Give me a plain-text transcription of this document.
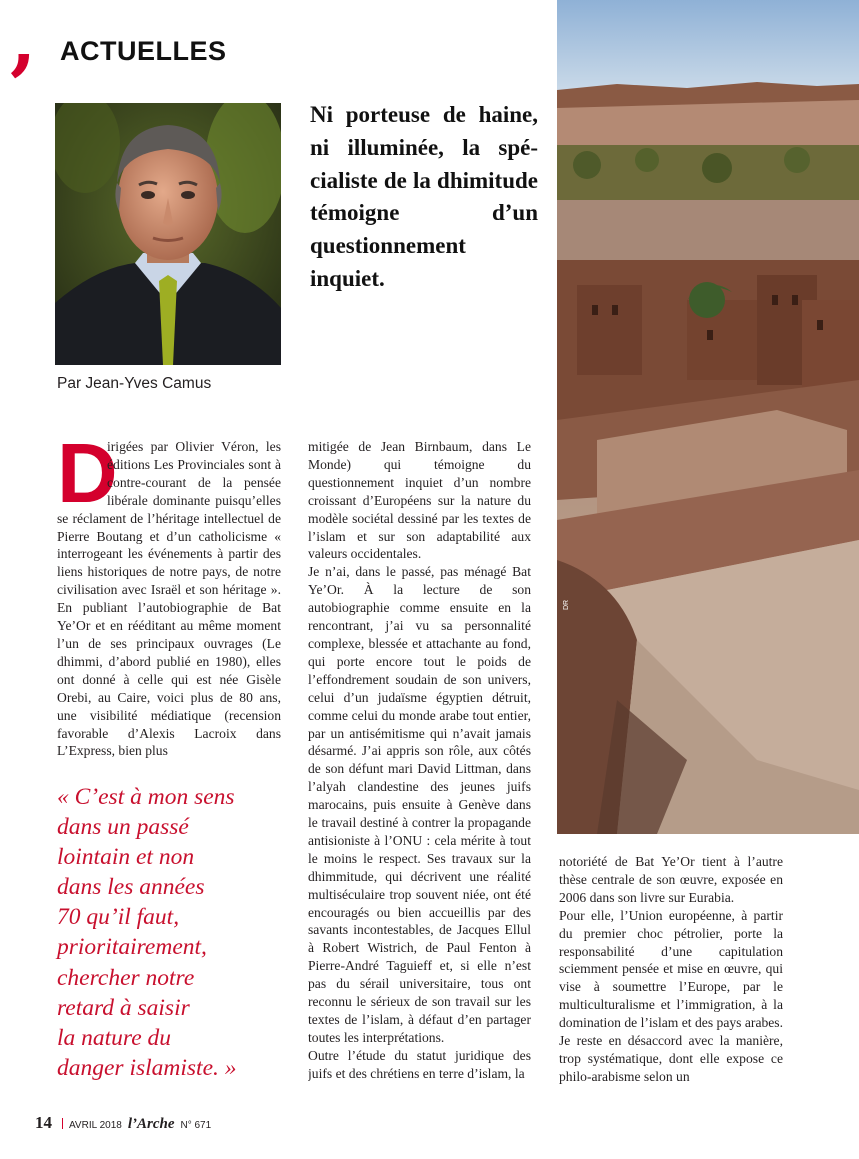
, ACTUELLES
Par Jean-Yves Camus
Ni porteuse de haine, ni illuminée, la spécialiste de la dhimitude témoigne d’un questionnement inquiet.
DR
D
irigées par Olivier Véron, les éditions Les Provinciales sont à contre-courant de la pensée libérale dominante puisqu’elles se réclament de l’héritage intellectuel de Pierre Boutang et d’un catholicisme « interrogeant les événements à partir des liens historiques de notre pays, de notre civilisation avec Israël et son héritage ». En publiant l’autobiographie de Bat Ye’Or et en rééditant au même moment l’un de ses principaux ouvrages (Le dhimmi, d’abord publié en 1980), elles ont donné à celle qui est née Gisèle Orebi, au Caire, voici plus de 80 ans, une visibilité médiatique (recension favorable d’Alexis Lacroix dans L’Express, bien plus

mitigée de Jean Birnbaum, dans Le Monde) qui témoigne du questionnement inquiet d’un nombre croissant d’Européens sur la nature du modèle sociétal dessiné par les textes de l’islam et sur son adaptabilité aux valeurs occidentales.

Je n’ai, dans le passé, pas ménagé Bat Ye’Or. À la lecture de son autobiographie comme ensuite en la rencontrant, j’ai vu sa personnalité complexe, blessée et attachante au fond, qui porte encore tout le poids de l’effondrement soudain de son univers, celui d’un judaïsme égyptien détruit, comme celui du monde arabe tout entier, par un antisémitisme qui n’avait jamais désarmé. J’ai appris son rôle, aux côtés de son défunt mari David Littman, dans l’alyah clandestine des jeunes juifs marocains, puis ensuite à Genève dans le travail destiné à contrer la propagande antisioniste à l’ONU : cela mérite à tout le moins le respect. Ses travaux sur la dhimmitude, qui décrivent une réalité multiséculaire trop souvent niée, ont été encouragés ou bien accueillis par des savants incontestables, de Jacques Ellul à Robert Wistrich, de Paul Fenton à Pierre-André Taguieff et, si elle n’est pas du sérail universitaire, tous ont reconnu le sérieux de son travail sur les textes de l’islam, à défaut d’en partager toutes les interprétations.

Outre l’étude du statut juridique des juifs et des chrétiens en terre d’islam, la

notoriété de Bat Ye’Or tient à l’autre thèse centrale de son œuvre, exposée en 2006 dans son livre sur Eurabia.

Pour elle, l’Union européenne, à partir du premier choc pétrolier, porte la responsabilité d’une capitulation sciemment pensée et mise en œuvre, qui vise à soumettre l’Europe, par le multiculturalisme et l’immigration, à la domination de l’islam et des pays arabes. Je reste en désaccord avec la manière, trop systématique, dont elle expose ce philo-arabisme selon un

« C’est à mon sens
dans un passé
lointain et non
dans les années
70 qu’il faut,
prioritairement,
chercher notre
retard à saisir
la nature du
danger islamiste. »
14 AVRIL 2018 l’Arche N° 671
